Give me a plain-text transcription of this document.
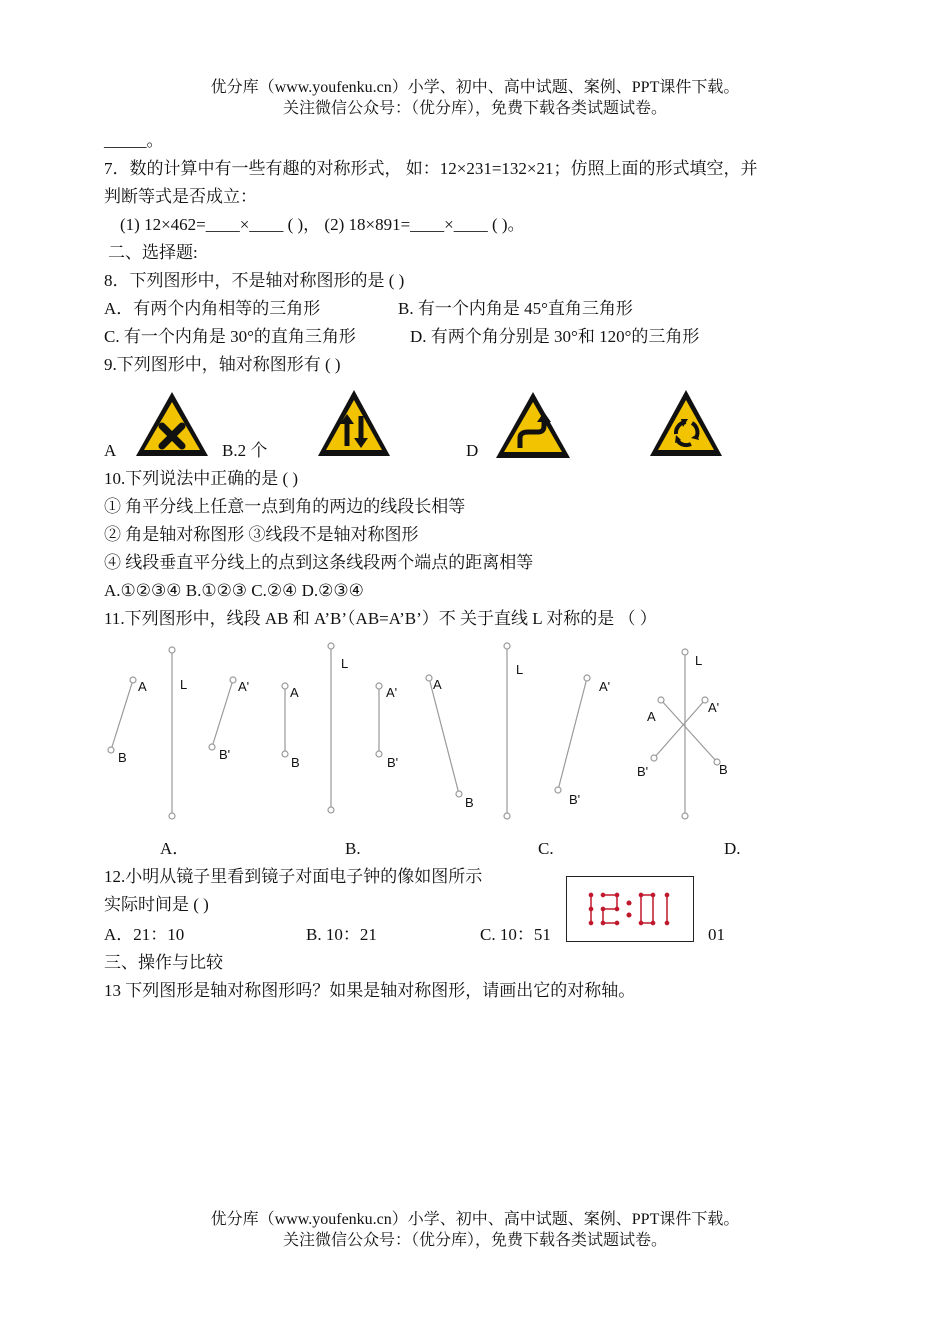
优分库（www.youfenku.cn）小学、初中、高中试题、案例、PPT课件下载。
关注微信公众号：（优分库），免费下载各类试题试卷。
_____。
7．数的计算中有一些有趣的对称形式， 如：12×231=132×21；仿照上面的形式填空，并
判断等式是否成立：
(1) 12×462=____×____ ( )， (2) 18×891=____×____ ( )。
二、选择题:
8．下列图形中，不是轴对称图形的是 ( )
A．有两个内角相等的三角形	B. 有一个内角是 45°直角三角形
C. 有一个内角是 30°的直角三角形	D. 有两个角分别是 30°和 120°的三角形
9.下列图形中，轴对称图形有 ( )
A	B.2 个	D
10.下列说法中正确的是 ( )
① 角平分线上任意一点到角的两边的线段长相等
② 角是轴对称图形 ③线段不是轴对称图形
④ 线段垂直平分线上的点到这条线段两个端点的距离相等
A.①②③④ B.①②③ C.②④ D.②③④
11.下列图形中，线段 AB 和 A’B’（AB=A’B’）不 关于直线 L 对称的是 （ ）
A
B
L	A'
B'
A
B
L
A'
B'
A
B
L
A'
B'
A
B
L
A'
B'
A．	B.	C.	D.
12.小明从镜子里看到镜子对面电子钟的像如图所示
实际时间是 ( )
A．21：10	B. 10：21	C. 10：51	01
三、操作与比较
13 下列图形是轴对称图形吗？如果是轴对称图形，请画出它的对称轴。
优分库（www.youfenku.cn）小学、初中、高中试题、案例、PPT课件下载。
关注微信公众号：（优分库），免费下载各类试题试卷。
